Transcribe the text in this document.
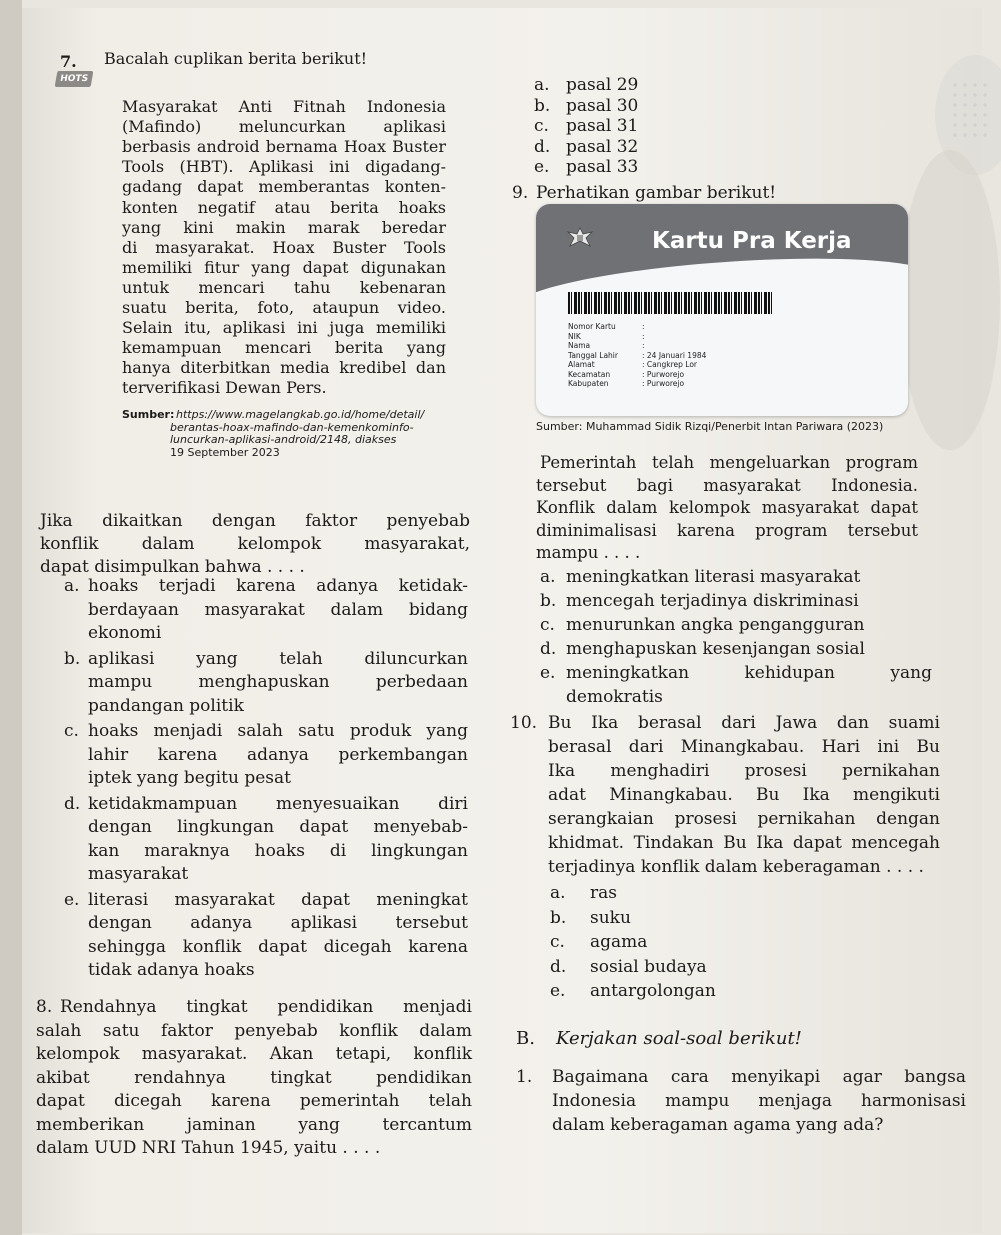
7. Bacalah cuplikan berita berikut!
HOTS
Masyarakat Anti Fitnah Indonesia
(Mafindo) meluncurkan aplikasi
berbasis android bernama Hoax Buster
Tools (HBT). Aplikasi ini digadang-
gadang dapat memberantas konten-
konten negatif atau berita hoaks
yang kini makin marak beredar
di masyarakat. Hoax Buster Tools
memiliki fitur yang dapat digunakan
untuk mencari tahu kebenaran
suatu berita, foto, ataupun video.
Selain itu, aplikasi ini juga memiliki
kemampuan mencari berita yang
hanya diterbitkan media kredibel dan
terverifikasi Dewan Pers.
Sumber: https://www.magelangkab.go.id/home/detail/
berantas-hoax-mafindo-dan-kemenkominfo-
luncurkan-aplikasi-android/2148, diakses
19 September 2023
Jika dikaitkan dengan faktor penyebab
konflik dalam kelompok masyarakat,
dapat disimpulkan bahwa . . . .
a. hoaks terjadi karena adanya ketidak-
berdayaan masyarakat dalam bidang
ekonomi
b. aplikasi yang telah diluncurkan
mampu menghapuskan perbedaan
pandangan politik
c. hoaks menjadi salah satu produk yang
lahir karena adanya perkembangan
iptek yang begitu pesat
d. ketidakmampuan menyesuaikan diri
dengan lingkungan dapat menyebab-
kan maraknya hoaks di lingkungan
masyarakat
e. literasi masyarakat dapat meningkat
dengan adanya aplikasi tersebut
sehingga konflik dapat dicegah karena
tidak adanya hoaks
8. Rendahnya tingkat pendidikan menjadi
salah satu faktor penyebab konflik dalam
kelompok masyarakat. Akan tetapi, konflik
akibat rendahnya tingkat pendidikan
dapat dicegah karena pemerintah telah
memberikan jaminan yang tercantum
dalam UUD NRI Tahun 1945, yaitu . . . .
a. pasal 29
b. pasal 30
c. pasal 31
d. pasal 32
e. pasal 33
9. Perhatikan gambar berikut!
Kartu Pra Kerja
Nomor Kartu	:
NIK	:
Nama	:
Tanggal Lahir	: 24 Januari 1984
Alamat	: Cangkrep Lor
Kecamatan	: Purworejo
Kabupaten	: Purworejo
Sumber: Muhammad Sidik Rizqi/Penerbit Intan Pariwara (2023)
Pemerintah telah mengeluarkan program
tersebut bagi masyarakat Indonesia.
Konflik dalam kelompok masyarakat dapat
diminimalisasi karena program tersebut
mampu . . . .
a. meningkatkan literasi masyarakat
b. mencegah terjadinya diskriminasi
c. menurunkan angka pengangguran
d. menghapuskan kesenjangan sosial
e. meningkatkan kehidupan yang
demokratis
10. Bu Ika berasal dari Jawa dan suami
berasal dari Minangkabau. Hari ini Bu
Ika menghadiri prosesi pernikahan
adat Minangkabau. Bu Ika mengikuti
serangkaian prosesi pernikahan dengan
khidmat. Tindakan Bu Ika dapat mencegah
terjadinya konflik dalam keberagaman . . . .
a. ras
b. suku
c. agama
d. sosial budaya
e. antargolongan
B. Kerjakan soal-soal berikut!
1. Bagaimana cara menyikapi agar bangsa
Indonesia mampu menjaga harmonisasi
dalam keberagaman agama yang ada?
